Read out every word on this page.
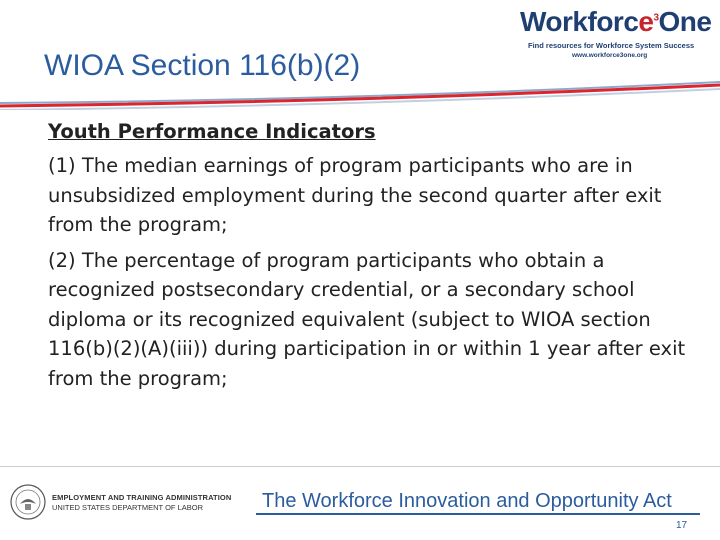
Workforce$^3$One
Find resources for Workforce System Success
www.workforce3one.org
WIOA Section 116(b)(2)

Youth Performance Indicators

(1) The median earnings of program participants who are in unsubsidized employment during the second quarter after exit from the program;

(2) The percentage of program participants who obtain a recognized postsecondary credential, or a secondary school diploma or its recognized equivalent (subject to WIOA section 116(b)(2)(A)(iii)) during participation in or within 1 year after exit from the program;

EMPLOYMENT AND TRAINING ADMINISTRATION
UNITED STATES DEPARTMENT OF LABOR	The Workforce Innovation and Opportunity Act
17
